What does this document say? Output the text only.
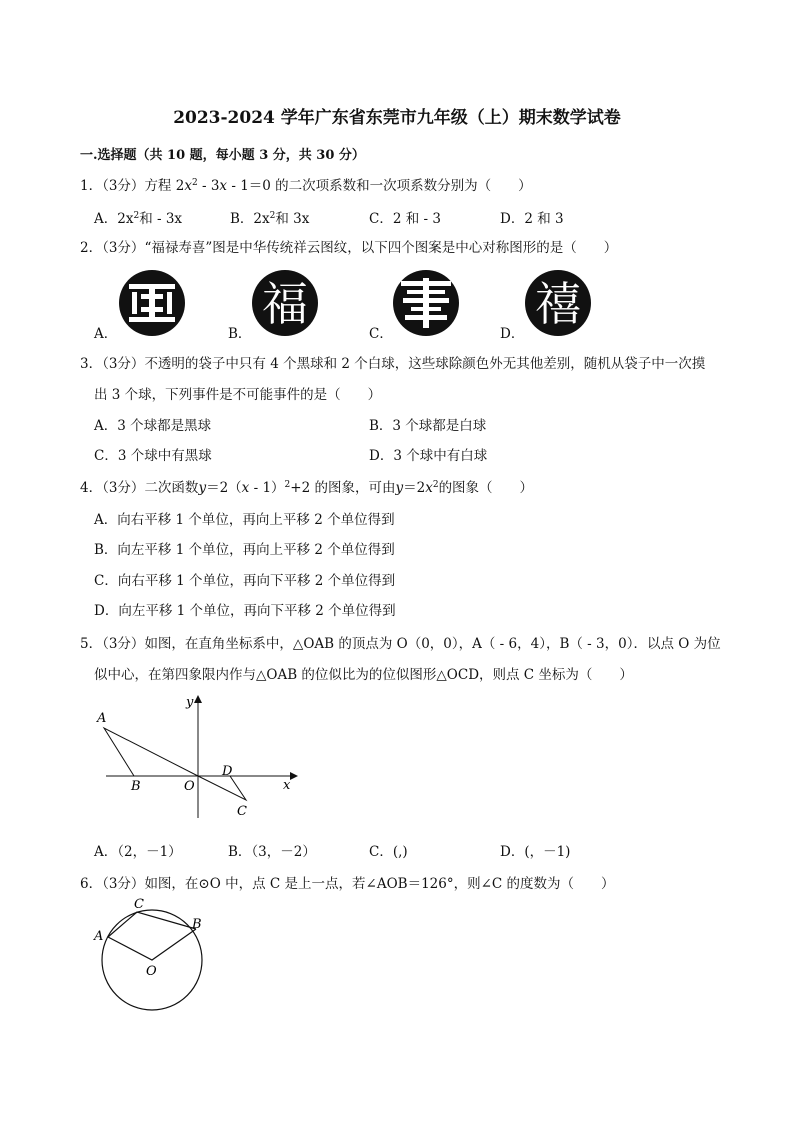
2023-2024 学年广东省东莞市九年级（上）期末数学试卷
一.选择题（共 10 题，每小题 3 分，共 30 分）
1．（3分）方程 $2x^2 - 3x - 1=0$ 的二次项系数和一次项系数分别为（　　）
A．$2x^2$和 - 3x	B．$2x^2$和 3x	C．2 和 - 3	D．2 和 3
2．（3分）“福禄寿喜”图是中华传统祥云图纹，以下四个图案是中心对称图形的是（　　）
福	禧
A．	B．	C．	D．
3．（3分）不透明的袋子中只有 4 个黑球和 2 个白球，这些球除颜色外无其他差别，随机从袋子中一次摸
出 3 个球，下列事件是不可能事件的是（　　）
A．3 个球都是黑球	B．3 个球都是白球
C．3 个球中有黑球	D．3 个球中有白球
4．（3分）二次函数y＝2（x - 1）$^2$+2 的图象，可由$y=2x^2$的图象（　　）
A．向右平移 1 个单位，再向上平移 2 个单位得到
B．向左平移 1 个单位，再向上平移 2 个单位得到
C．向右平移 1 个单位，再向下平移 2 个单位得到
D．向左平移 1 个单位，再向下平移 2 个单位得到
5．（3分）如图，在直角坐标系中，△OAB 的顶点为 O（0，0），A（ - 6，4），B（ - 3，0）．以点 O 为位
似中心，在第四象限内作与△OAB 的位似比为的位似图形△OCD，则点 C 坐标为（　　）
A
B	O
D
C
x
y
A．（2，－1）	B．（3，－2）	C．(,)	D．(，－1)
6．（3分）如图，在⊙O 中，点 C 是上一点，若∠AOB＝126°，则∠C 的度数为（　　）
C
A
B
O
